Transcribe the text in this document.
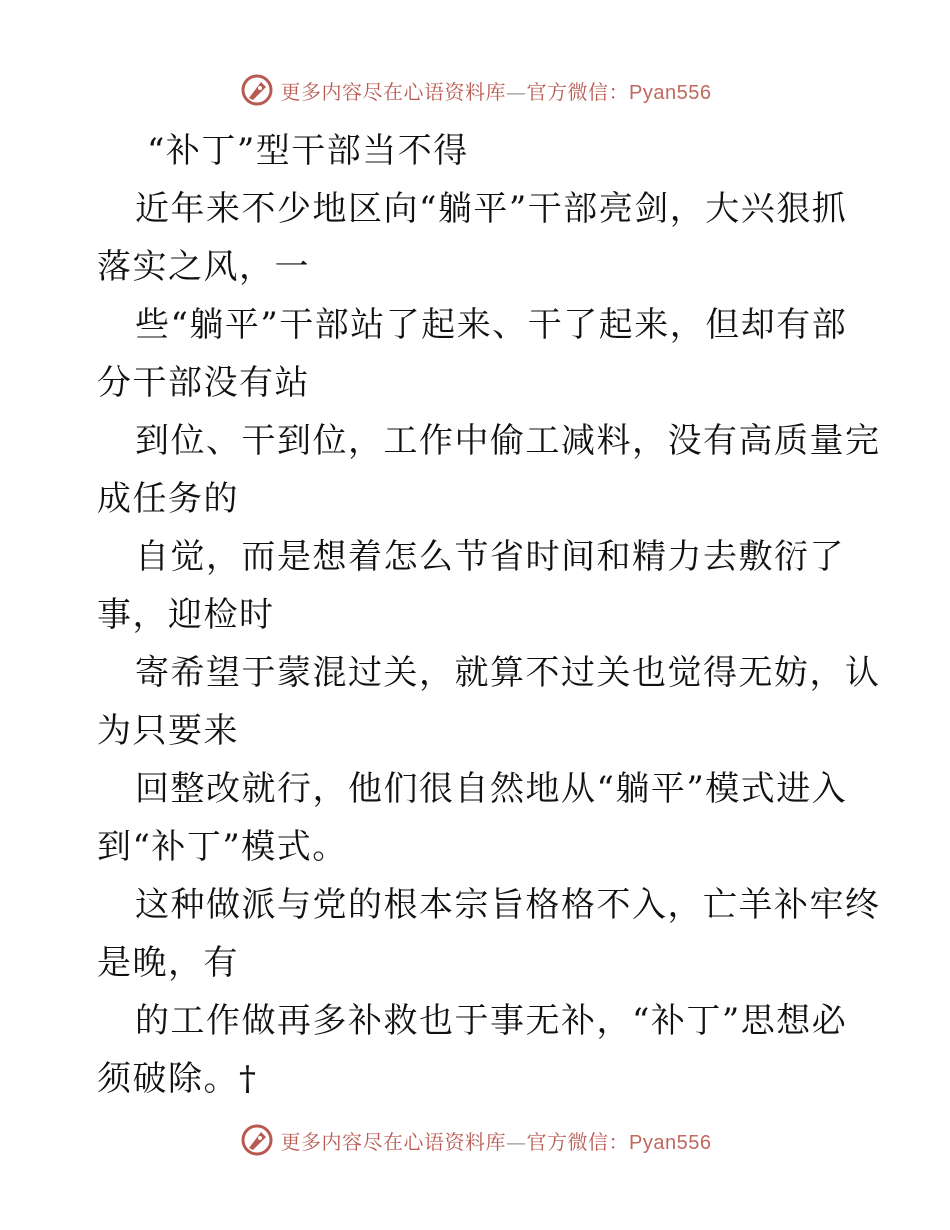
更多内容尽在心语资料库—官方微信：Pyan556
“补丁”型干部当不得
近年来不少地区向“躺平”干部亮剑，大兴狠抓
落实之风，一
些“躺平”干部站了起来、干了起来，但却有部
分干部没有站
到位、干到位，工作中偷工减料，没有高质量完
成任务的
自觉，而是想着怎么节省时间和精力去敷衍了
事，迎检时
寄希望于蒙混过关，就算不过关也觉得无妨，认
为只要来
回整改就行，他们很自然地从“躺平”模式进入
到“补丁”模式。
这种做派与党的根本宗旨格格不入，亡羊补牢终
是晚，有
的工作做再多补救也于事无补，“补丁”思想必
须破除。†
更多内容尽在心语资料库—官方微信：Pyan556
